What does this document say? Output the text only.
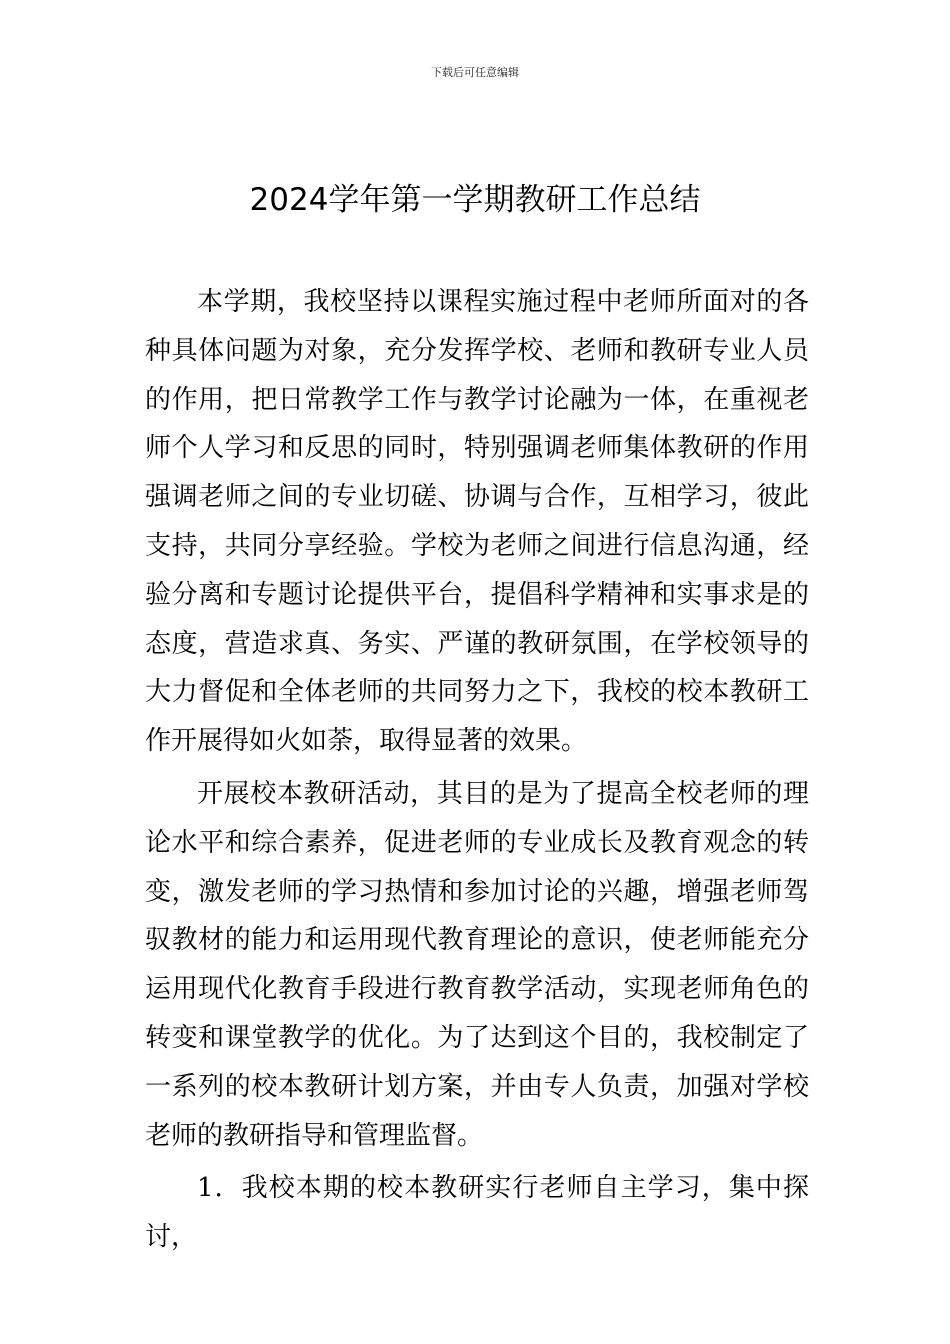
下载后可任意编辑
2024学年第一学期教研工作总结

本学期，我校坚持以课程实施过程中老师所面对的各种具体问题为对象，充分发挥学校、老师和教研专业人员的作用，把日常教学工作与教学讨论融为一体，在重视老师个人学习和反思的同时，特别强调老师集体教研的作用强调老师之间的专业切磋、协调与合作，互相学习，彼此支持，共同分享经验。学校为老师之间进行信息沟通，经验分离和专题讨论提供平台，提倡科学精神和实事求是的态度，营造求真、务实、严谨的教研氛围，在学校领导的大力督促和全体老师的共同努力之下，我校的校本教研工作开展得如火如荼，取得显著的效果。

开展校本教研活动，其目的是为了提高全校老师的理论水平和综合素养，促进老师的专业成长及教育观念的转变，激发老师的学习热情和参加讨论的兴趣，增强老师驾驭教材的能力和运用现代教育理论的意识，使老师能充分运用现代化教育手段进行教育教学活动，实现老师角色的转变和课堂教学的优化。为了达到这个目的，我校制定了一系列的校本教研计划方案，并由专人负责，加强对学校老师的教研指导和管理监督。

1．我校本期的校本教研实行老师自主学习，集中探讨，
